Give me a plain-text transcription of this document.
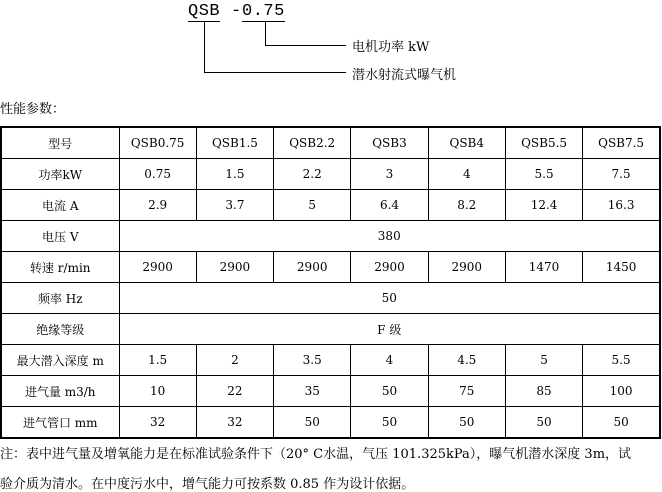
QSB - 0.75
电机功率 kW
潜水射流式曝气机
性能参数：
型号	QSB0.75	QSB1.5	QSB2.2	QSB3	QSB4	QSB5.5	QSB7.5
功率kW	0.75	1.5	2.2	3	4	5.5	7.5
电流 A	2.9	3.7	5	6.4	8.2	12.4	16.3
电压 V	380						
转速 r/min	2900	2900	2900	2900	2900	1470	1450
频率 Hz	50						
绝缘等级	F 级						
最大潜入深度 m	1.5	2	3.5	4	4.5	5	5.5
进气量 m3/h	10	22	35	50	75	85	100
进气管口 mm	32	32	50	50	50	50	50
注：表中进气量及增氧能力是在标准试验条件下（20° C水温，气压 101.325kPa），曝气机潜水深度 3m，试
验介质为清水。在中度污水中，增气能力可按系数 0.85 作为设计依据。
